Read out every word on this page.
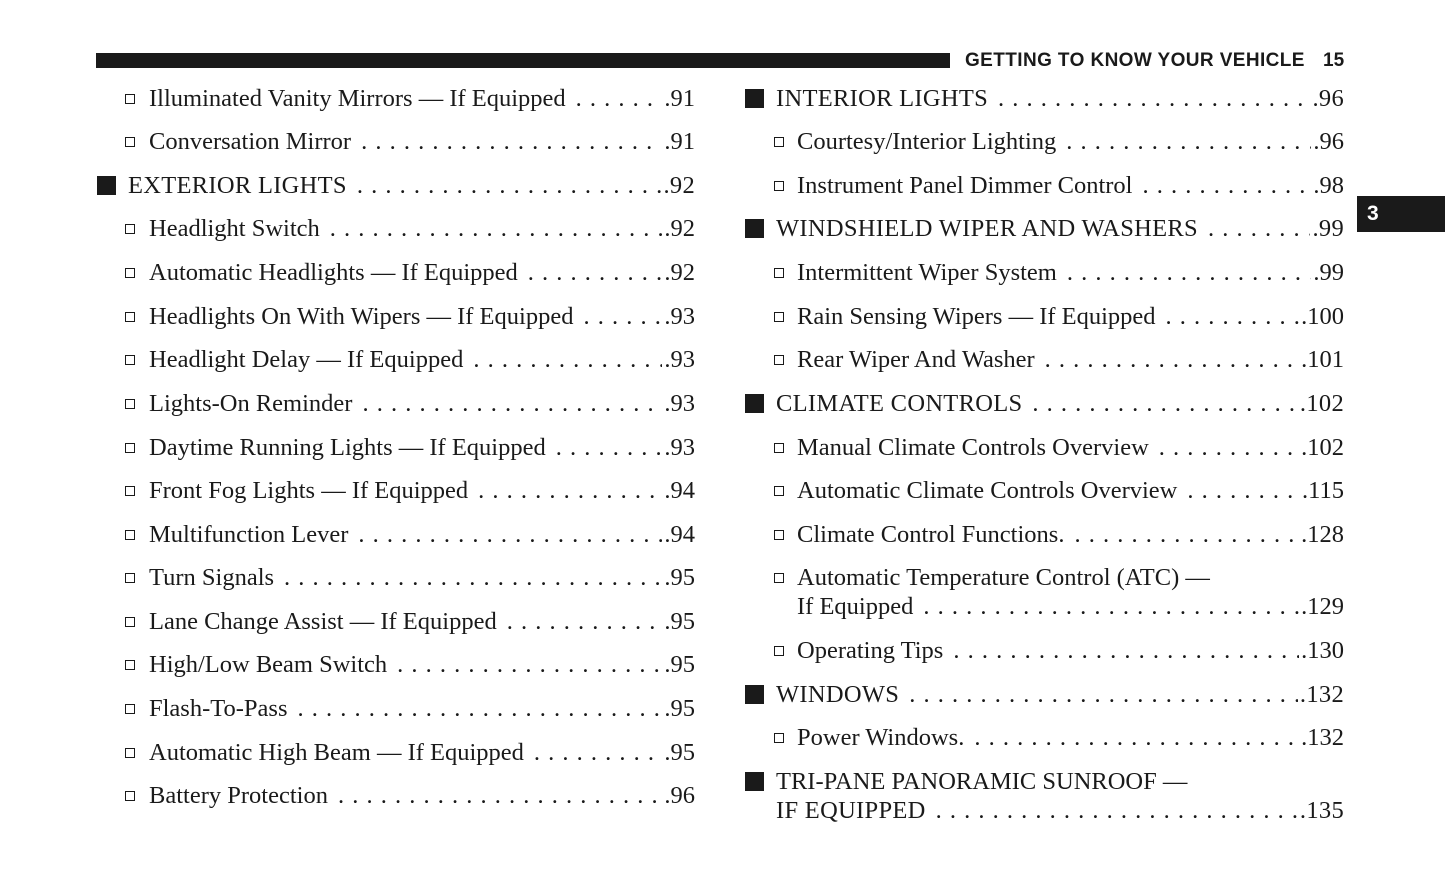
GETTING TO KNOW YOUR VEHICLE 15
3
Illuminated Vanity Mirrors — If Equipped . . .	.91
Conversation Mirror . . .	.91
EXTERIOR LIGHTS . . .	.92
Headlight Switch . . .	.92
Automatic Headlights — If Equipped . . .	.92
Headlights On With Wipers — If Equipped . . .	.93
Headlight Delay — If Equipped . . .	.93
Lights-On Reminder . . .	.93
Daytime Running Lights — If Equipped . . .	.93
Front Fog Lights — If Equipped . . .	.94
Multifunction Lever . . .	.94
Turn Signals . . .	.95
Lane Change Assist — If Equipped . . .	.95
High/Low Beam Switch . . .	.95
Flash-To-Pass . . .	.95
Automatic High Beam — If Equipped . . .	.95
Battery Protection . . .	.96
INTERIOR LIGHTS . . .	.96
Courtesy/Interior Lighting . . .	.96
Instrument Panel Dimmer Control . . .	.98
WINDSHIELD WIPER AND WASHERS . . .	.99
Intermittent Wiper System . . .	.99
Rain Sensing Wipers — If Equipped . . .	.100
Rear Wiper And Washer . . .	.101
CLIMATE CONTROLS . . .	.102
Manual Climate Controls Overview . . .	.102
Automatic Climate Controls Overview . . .	.115
Climate Control Functions. . . .	.128
Automatic Temperature Control (ATC) —
If Equipped . . .	.129
Operating Tips . . .	.130
WINDOWS . . .	.132
Power Windows. . . .	.132
TRI-PANE PANORAMIC SUNROOF —
IF EQUIPPED . . .	.135
